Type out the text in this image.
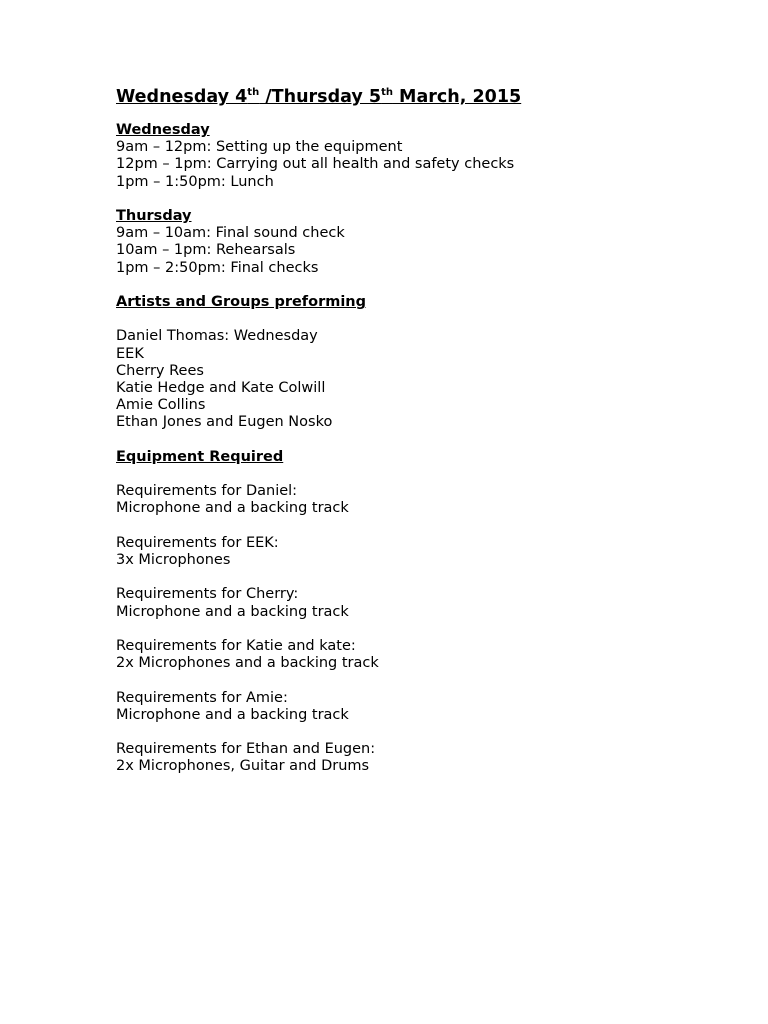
Wednesday 4th /Thursday 5th March, 2015
Wednesday
9am – 12pm: Setting up the equipment
12pm – 1pm: Carrying out all health and safety checks
1pm – 1:50pm: Lunch
Thursday
9am – 10am: Final sound check
10am – 1pm: Rehearsals
1pm – 2:50pm: Final checks
Artists and Groups preforming
Daniel Thomas: Wednesday
EEK
Cherry Rees
Katie Hedge and Kate Colwill
Amie Collins
Ethan Jones and Eugen Nosko
Equipment Required
Requirements for Daniel:
Microphone and a backing track
Requirements for EEK:
3x Microphones
Requirements for Cherry:
Microphone and a backing track
Requirements for Katie and kate:
2x Microphones and a backing track
Requirements for Amie:
Microphone and a backing track
Requirements for Ethan and Eugen:
2x Microphones, Guitar and Drums
